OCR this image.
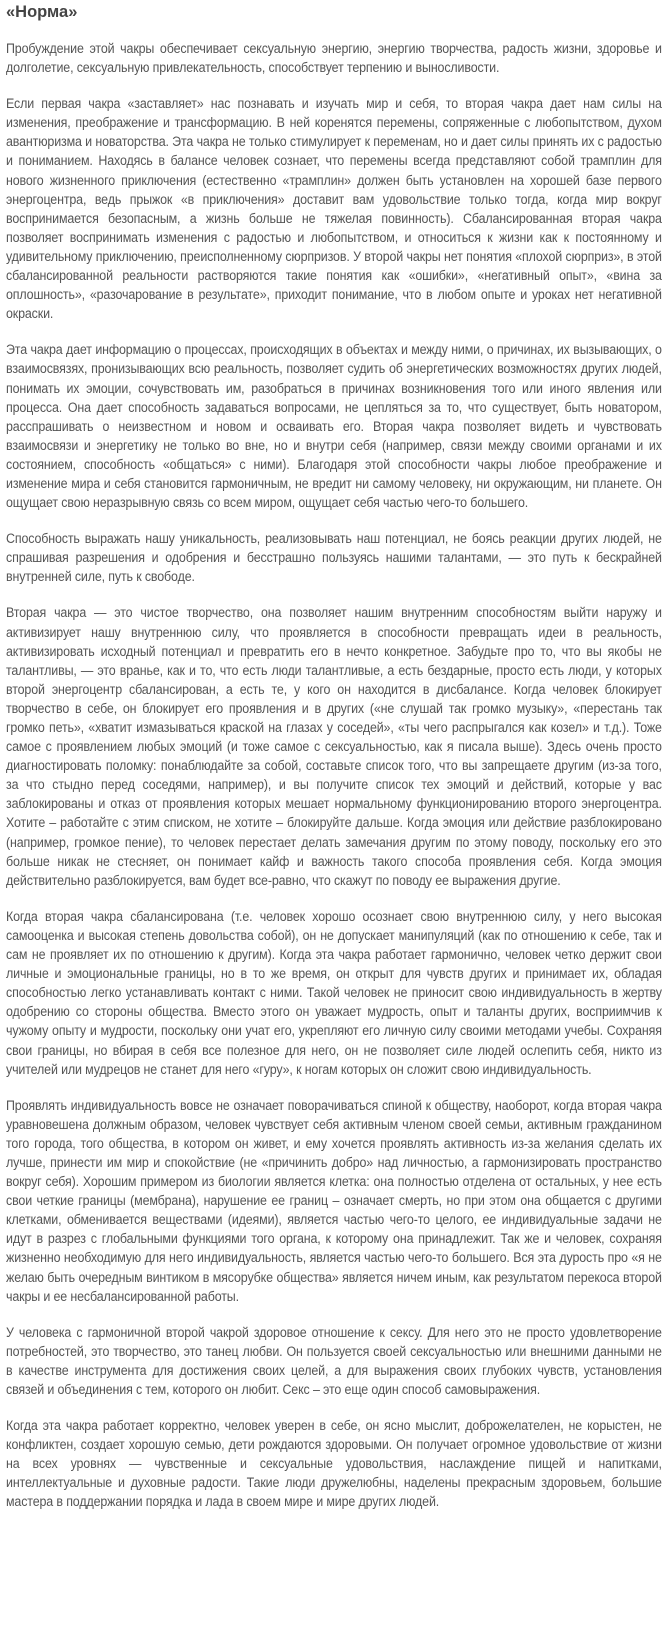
«Норма»

Пробуждение этой чакры обеспечивает сексуальную энергию, энергию творчества, радость жизни, здоровье и долголетие, сексуальную привлекательность, способствует терпению и выносливости.

Если первая чакра «заставляет» нас познавать и изучать мир и себя, то вторая чакра дает нам силы на изменения, преображение и трансформацию. В ней коренятся перемены, сопряженные с любопытством, духом авантюризма и новаторства. Эта чакра не только стимулирует к переменам, но и дает силы принять их с радостью и пониманием. Находясь в балансе человек сознает, что перемены всегда представляют собой трамплин для нового жизненного приключения (естественно «трамплин» должен быть установлен на хорошей базе первого энергоцентра, ведь прыжок «в приключения» доставит вам удовольствие только тогда, когда мир вокруг воспринимается безопасным, а жизнь больше не тяжелая повинность). Сбалансированная вторая чакра позволяет воспринимать изменения с радостью и любопытством, и относиться к жизни как к постоянному и удивительному приключению, преисполненному сюрпризов. У второй чакры нет понятия «плохой сюрприз», в этой сбалансированной реальности растворяются такие понятия как «ошибки», «негативный опыт», «вина за оплошность», «разочарование в результате», приходит понимание, что в любом опыте и уроках нет негативной окраски.

Эта чакра дает информацию о процессах, происходящих в объектах и между ними, о причинах, их вызывающих, о взаимосвязях, пронизывающих всю реальность, позволяет судить об энергетических возможностях других людей, понимать их эмоции, сочувствовать им, разобраться в причинах возникновения того или иного явления или процесса. Она дает способность задаваться вопросами, не цепляться за то, что существует, быть новатором, расспрашивать о неизвестном и новом и осваивать его. Вторая чакра позволяет видеть и чувствовать взаимосвязи и энергетику не только во вне, но и внутри себя (например, связи между своими органами и их состоянием, способность «общаться» с ними). Благодаря этой способности чакры любое преображение и изменение мира и себя становится гармоничным, не вредит ни самому человеку, ни окружающим, ни планете. Он ощущает свою неразрывную связь со всем миром, ощущает себя частью чего-то большего.

Способность выражать нашу уникальность, реализовывать наш потенциал, не боясь реакции других людей, не спрашивая разрешения и одобрения и бесстрашно пользуясь нашими талантами, — это путь к бескрайней внутренней силе, путь к свободе.

Вторая чакра — это чистое творчество, она позволяет нашим внутренним способностям выйти наружу и активизирует нашу внутреннюю силу, что проявляется в способности превращать идеи в реальность, активизировать исходный потенциал и превратить его в нечто конкретное. Забудьте про то, что вы якобы не талантливы, — это вранье, как и то, что есть люди талантливые, а есть бездарные, просто есть люди, у которых второй энергоцентр сбалансирован, а есть те, у кого он находится в дисбалансе. Когда человек блокирует творчество в себе, он блокирует его проявления и в других («не слушай так громко музыку», «перестань так громко петь», «хватит измазываться краской на глазах у соседей», «ты чего распрыгался как козел» и т.д.). Тоже самое с проявлением любых эмоций (и тоже самое с сексуальностью, как я писала выше). Здесь очень просто диагностировать поломку: понаблюдайте за собой, составьте список того, что вы запрещаете другим (из-за того, за что стыдно перед соседями, например), и вы получите список тех эмоций и действий, которые у вас заблокированы и отказ от проявления которых мешает нормальному функционированию второго энергоцентра. Хотите – работайте с этим списком, не хотите – блокируйте дальше. Когда эмоция или действие разблокировано (например, громкое пение), то человек перестает делать замечания другим по этому поводу, поскольку его это больше никак не стесняет, он понимает кайф и важность такого способа проявления себя. Когда эмоция действительно разблокируется, вам будет все-равно, что скажут по поводу ее выражения другие.

Когда вторая чакра сбалансирована (т.е. человек хорошо осознает свою внутреннюю силу, у него высокая самооценка и высокая степень довольства собой), он не допускает манипуляций (как по отношению к себе, так и сам не проявляет их по отношению к другим). Когда эта чакра работает гармонично, человек четко держит свои личные и эмоциональные границы, но в то же время, он открыт для чувств других и принимает их, обладая способностью легко устанавливать контакт с ними. Такой человек не приносит свою индивидуальность в жертву одобрению со стороны общества. Вместо этого он уважает мудрость, опыт и таланты других, восприимчив к чужому опыту и мудрости, поскольку они учат его, укрепляют его личную силу своими методами учебы. Сохраняя свои границы, но вбирая в себя все полезное для него, он не позволяет силе людей ослепить себя, никто из учителей или мудрецов не станет для него «гуру», к ногам которых он сложит свою индивидуальность.

Проявлять индивидуальность вовсе не означает поворачиваться спиной к обществу, наоборот, когда вторая чакра уравновешена должным образом, человек чувствует себя активным членом своей семьи, активным гражданином того города, того общества, в котором он живет, и ему хочется проявлять активность из-за желания сделать их лучше, принести им мир и спокойствие (не «причинить добро» над личностью, а гармонизировать пространство вокруг себя). Хорошим примером из биологии является клетка: она полностью отделена от остальных, у нее есть свои четкие границы (мембрана), нарушение ее границ – означает смерть, но при этом она общается с другими клетками, обменивается веществами (идеями), является частью чего-то целого, ее индивидуальные задачи не идут в разрез с глобальными функциями того органа, к которому она принадлежит. Так же и человек, сохраняя жизненно необходимую для него индивидуальность, является частью чего-то большего. Вся эта дурость про «я не желаю быть очередным винтиком в мясорубке общества» является ничем иным, как результатом перекоса второй чакры и ее несбалансированной работы.

У человека с гармоничной второй чакрой здоровое отношение к сексу. Для него это не просто удовлетворение потребностей, это творчество, это танец любви. Он пользуется своей сексуальностью или внешними данными не в качестве инструмента для достижения своих целей, а для выражения своих глубоких чувств, установления связей и объединения с тем, которого он любит. Секс – это еще один способ самовыражения.

Когда эта чакра работает корректно, человек уверен в себе, он ясно мыслит, доброжелателен, не корыстен, не конфликтен, создает хорошую семью, дети рождаются здоровыми. Он получает огромное удовольствие от жизни на всех уровнях — чувственные и сексуальные удовольствия, наслаждение пищей и напитками, интеллектуальные и духовные радости. Такие люди дружелюбны, наделены прекрасным здоровьем, большие мастера в поддержании порядка и лада в своем мире и мире других людей.
